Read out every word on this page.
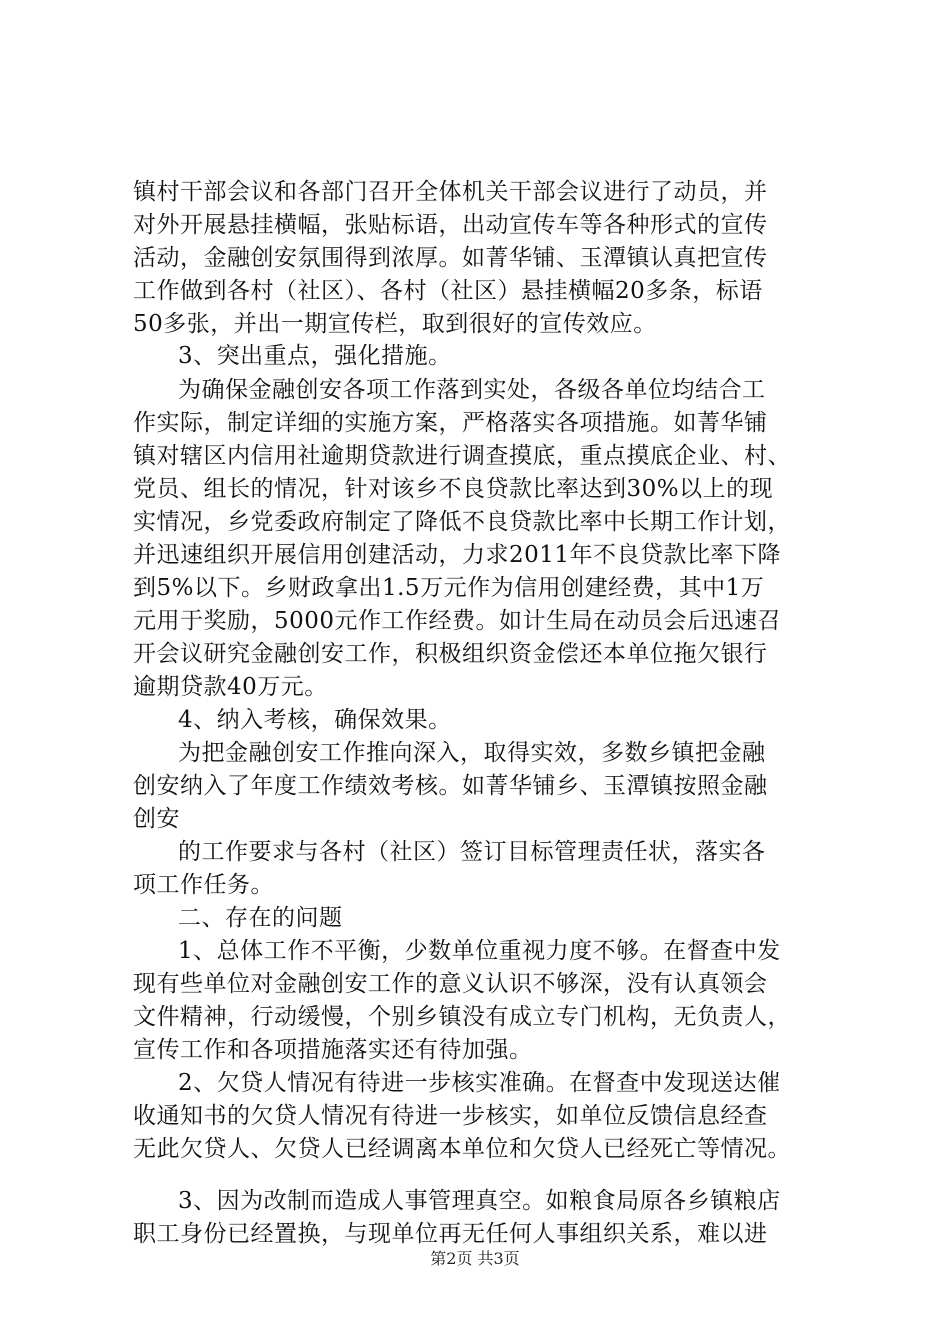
镇村干部会议和各部门召开全体机关干部会议进行了动员，并
对外开展悬挂横幅，张贴标语，出动宣传车等各种形式的宣传
活动，金融创安氛围得到浓厚。如菁华铺、玉潭镇认真把宣传
工作做到各村（社区）、各村（社区）悬挂横幅20多条，标语
50多张，并出一期宣传栏，取到很好的宣传效应。
3、突出重点，强化措施。
为确保金融创安各项工作落到实处，各级各单位均结合工
作实际，制定详细的实施方案，严格落实各项措施。如菁华铺
镇对辖区内信用社逾期贷款进行调查摸底，重点摸底企业、村、
党员、组长的情况，针对该乡不良贷款比率达到30%以上的现
实情况，乡党委政府制定了降低不良贷款比率中长期工作计划，
并迅速组织开展信用创建活动，力求2011年不良贷款比率下降
到5%以下。乡财政拿出1.5万元作为信用创建经费，其中1万
元用于奖励，5000元作工作经费。如计生局在动员会后迅速召
开会议研究金融创安工作，积极组织资金偿还本单位拖欠银行
逾期贷款40万元。
4、纳入考核，确保效果。
为把金融创安工作推向深入，取得实效，多数乡镇把金融
创安纳入了年度工作绩效考核。如菁华铺乡、玉潭镇按照金融
创安
的工作要求与各村（社区）签订目标管理责任状，落实各
项工作任务。
二、存在的问题
1、总体工作不平衡，少数单位重视力度不够。在督查中发
现有些单位对金融创安工作的意义认识不够深，没有认真领会
文件精神，行动缓慢，个别乡镇没有成立专门机构，无负责人，
宣传工作和各项措施落实还有待加强。
2、欠贷人情况有待进一步核实准确。在督查中发现送达催
收通知书的欠贷人情况有待进一步核实，如单位反馈信息经查
无此欠贷人、欠贷人已经调离本单位和欠贷人已经死亡等情况。
3、因为改制而造成人事管理真空。如粮食局原各乡镇粮店
职工身份已经置换，与现单位再无任何人事组织关系，难以进
第2页 共3页
